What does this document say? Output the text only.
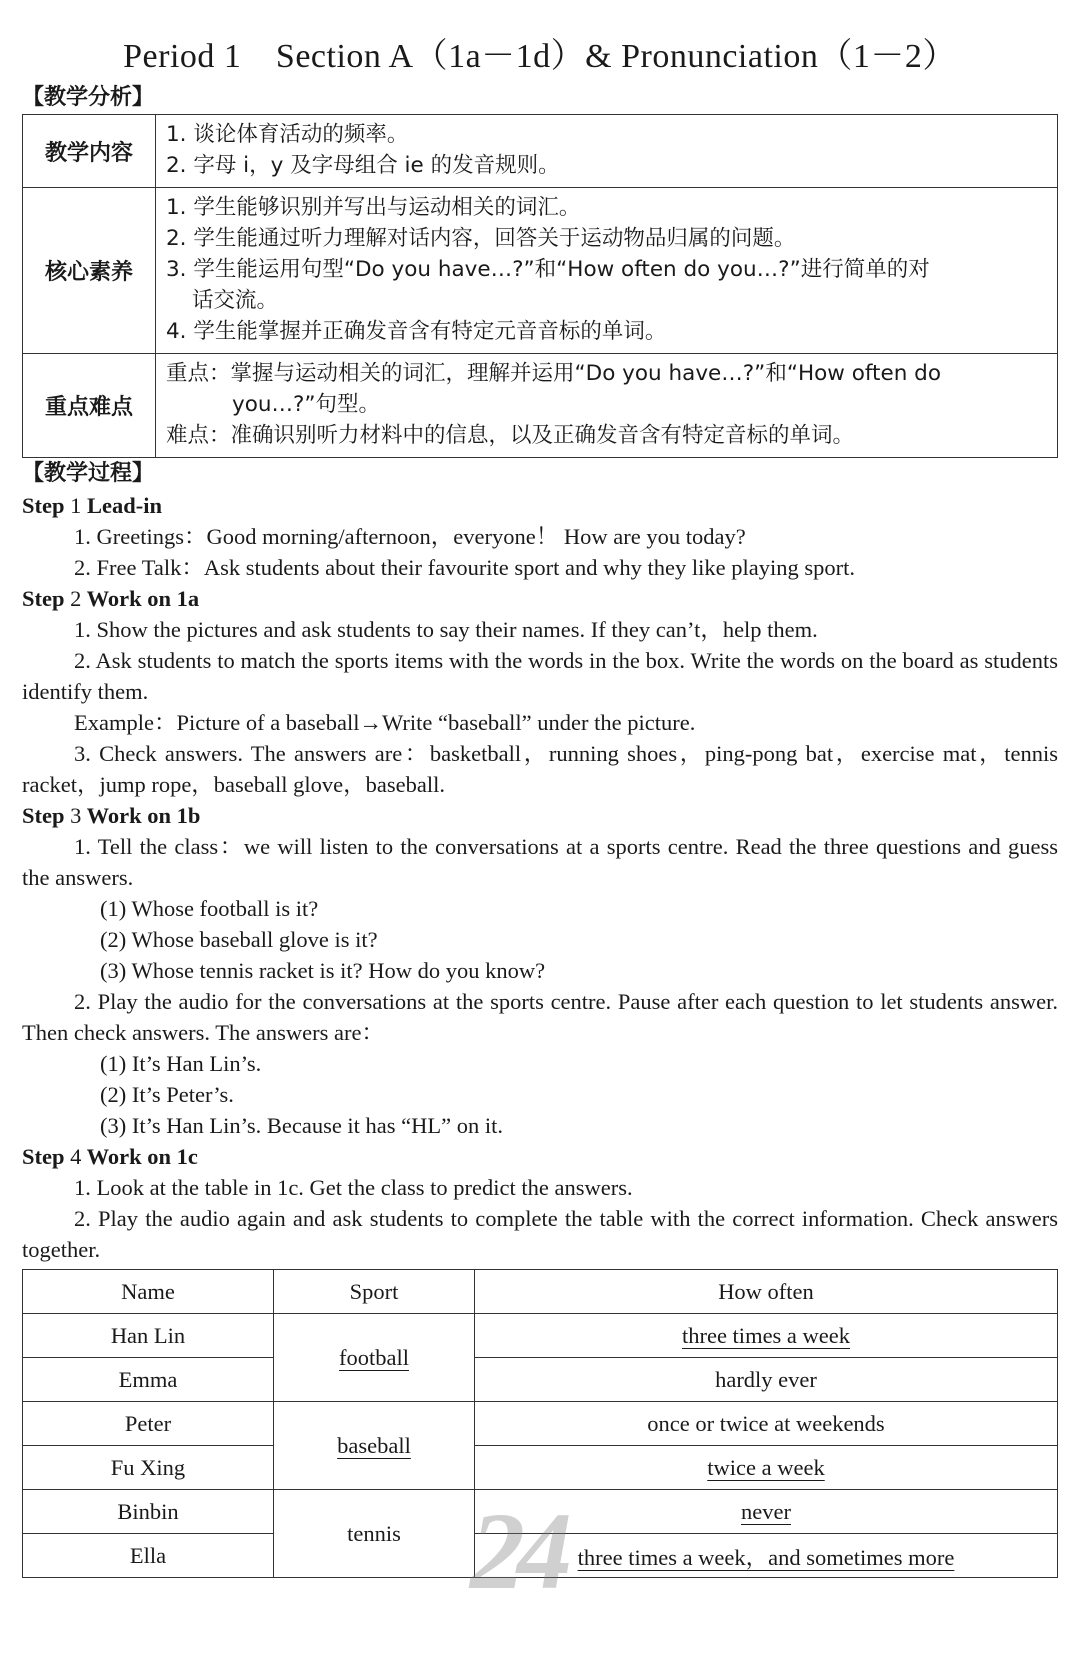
Period 1　Section A（1a－1d）& Pronunciation（1－2）
【教学分析】
教学内容	1. 谈论体育活动的频率。
2. 字母 i，y 及字母组合 ie 的发音规则。

核心素养	1. 学生能够识别并写出与运动相关的词汇。
2. 学生能通过听力理解对话内容，回答关于运动物品归属的问题。
3. 学生能运用句型“Do you have…?”和“How often do you…?”进行简单的对
话交流。
4. 学生能掌握并正确发音含有特定元音音标的单词。

重点难点	重点：掌握与运动相关的词汇，理解并运用“Do you have…?”和“How often do
you…?”句型。
难点：准确识别听力材料中的信息，以及正确发音含有特定音标的单词。
【教学过程】
Step 1 Lead-in
1. Greetings：Good morning/afternoon，everyone！ How are you today?
2. Free Talk：Ask students about their favourite sport and why they like playing sport.
Step 2 Work on 1a
1. Show the pictures and ask students to say their names. If they can’t，help them.
2. Ask students to match the sports items with the words in the box. Write the words on the board as students identify them.
Example：Picture of a baseball→Write “baseball” under the picture.
3. Check answers. The answers are：basketball，running shoes，ping-pong bat，exercise mat，tennis racket，jump rope，baseball glove，baseball.
Step 3 Work on 1b
1. Tell the class：we will listen to the conversations at a sports centre. Read the three questions and guess the answers.
(1) Whose football is it?
(2) Whose baseball glove is it?
(3) Whose tennis racket is it? How do you know?
2. Play the audio for the conversations at the sports centre. Pause after each question to let students answer. Then check answers. The answers are：
(1) It’s Han Lin’s.
(2) It’s Peter’s.
(3) It’s Han Lin’s. Because it has “HL” on it.
Step 4 Work on 1c
1. Look at the table in 1c. Get the class to predict the answers.
2. Play the audio again and ask students to complete the table with the correct information. Check answers together.
Name	Sport	How often
Han Lin	football	three times a week
Emma		hardly ever
Peter	baseball	once or twice at weekends
Fu Xing		twice a week
Binbin	tennis	never
Ella		three times a week，and sometimes more
24
